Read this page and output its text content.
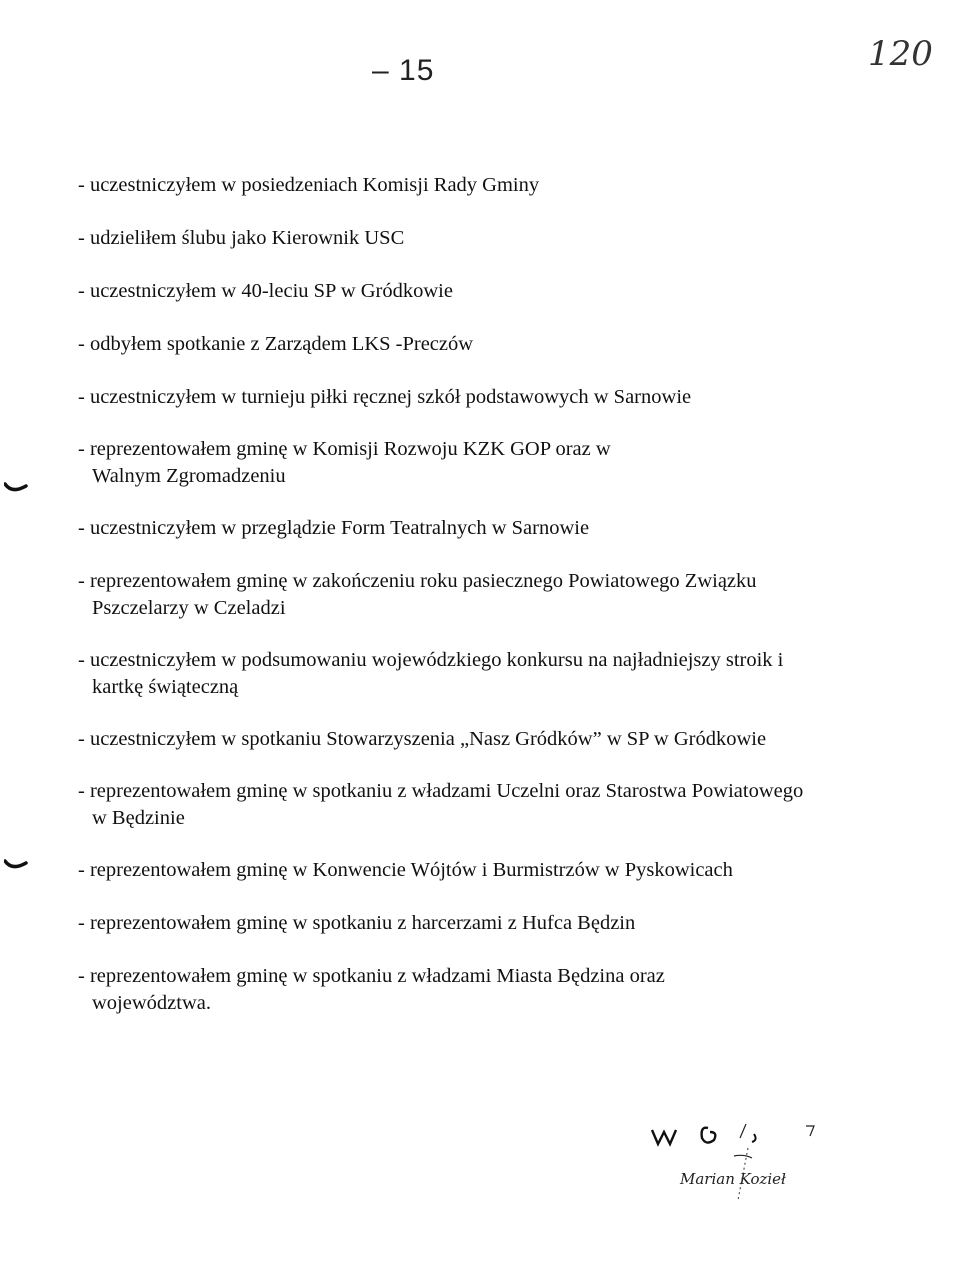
– 15	120
- uczestniczyłem w posiedzeniach Komisji Rady Gminy
- udzieliłem ślubu jako Kierownik USC
- uczestniczyłem w 40-leciu SP w Gródkowie
- odbyłem spotkanie z Zarządem LKS -Preczów
- uczestniczyłem w turnieju piłki ręcznej szkół podstawowych w Sarnowie
- reprezentowałem gminę w Komisji Rozwoju KZK GOP oraz w Walnym Zgromadzeniu
- uczestniczyłem w przeglądzie Form Teatralnych w Sarnowie
- reprezentowałem gminę w zakończeniu roku pasiecznego Powiatowego Związku Pszczelarzy w Czeladzi
- uczestniczyłem w podsumowaniu wojewódzkiego konkursu na najładniejszy stroik i kartkę świąteczną
- uczestniczyłem w spotkaniu Stowarzyszenia „Nasz Gródków” w SP w Gródkowie
- reprezentowałem gminę w spotkaniu z władzami Uczelni oraz Starostwa Powiatowego w Będzinie
- reprezentowałem gminę w Konwencie Wójtów i Burmistrzów w Pyskowicach
- reprezentowałem gminę w spotkaniu z harcerzami z Hufca Będzin
- reprezentowałem gminę w spotkaniu z władzami Miasta Będzina oraz województwa.
Marian Kozieł
